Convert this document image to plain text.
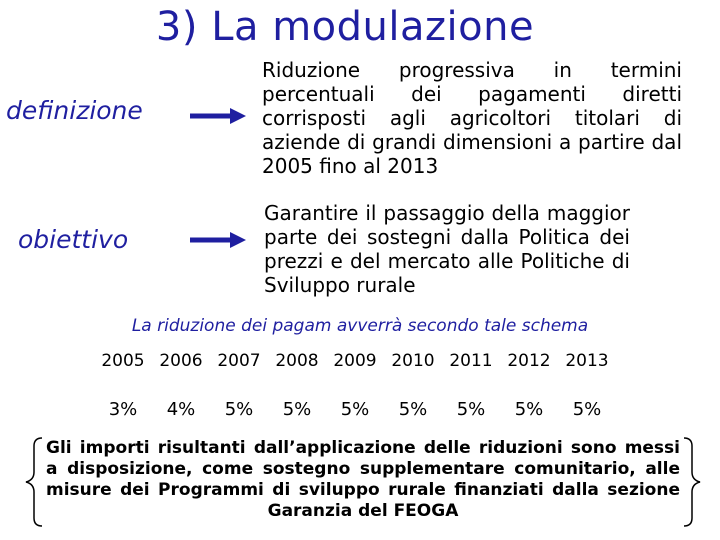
3) La modulazione
definizione
Riduzione progressiva in termini percentuali dei pagamenti diretti corrisposti agli agricoltori titolari di aziende di grandi dimensioni a partire dal 2005 fino al 2013
obiettivo
Garantire il passaggio della maggior parte dei sostegni dalla Politica dei prezzi e del mercato alle Politiche di Sviluppo rurale
La riduzione dei pagam avverrà secondo tale schema
2005	2006	2007	2008	2009	2010	2011	2012	2013
3%	4%	5%	5%	5%	5%	5%	5%	5%
Gli importi risultanti dall’applicazione delle riduzioni sono messi a disposizione, come sostegno supplementare comunitario, alle misure dei Programmi di sviluppo rurale finanziati dalla sezione Garanzia del FEOGA
